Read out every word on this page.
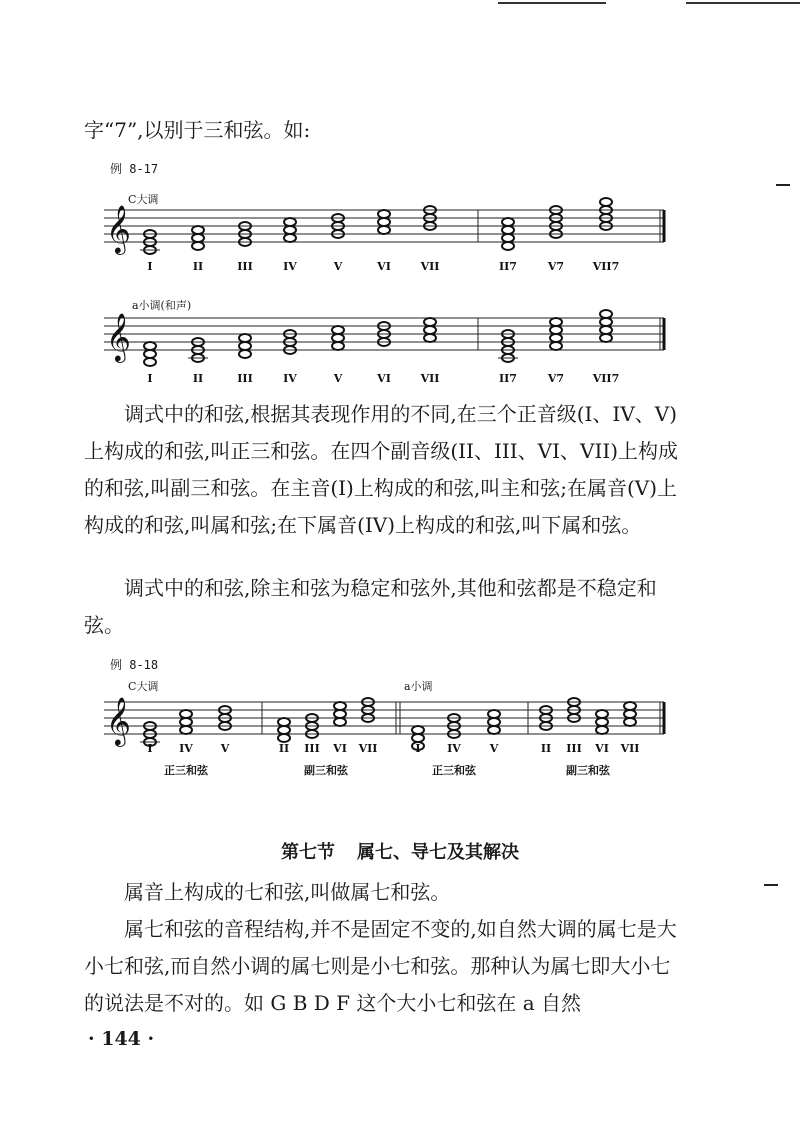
字“7”,以别于三和弦。如:

例 8-17
C大调
𝄞
I	II	III	IV	V	VI	VII	II7	V7	VII7
𝄞
I	II	III	IV	V	VI	VII	II7	V7	VII7
𝄞
I IV	V	II III VI VII	I IV	V	II III VI VII
正三和弦	副三和弦	正三和弦	副三和弦
a小调(和声)

调式中的和弦,根据其表现作用的不同,在三个正音级(I、IV、V)上构成的和弦,叫正三和弦。在四个副音级(II、III、VI、VII)上构成的和弦,叫副三和弦。在主音(I)上构成的和弦,叫主和弦;在属音(V)上构成的和弦,叫属和弦;在下属音(IV)上构成的和弦,叫下属和弦。

调式中的和弦,除主和弦为稳定和弦外,其他和弦都是不稳定和弦。

例 8-18
C大调	a小调
第七节 属七、导七及其解决

属音上构成的七和弦,叫做属七和弦。

属七和弦的音程结构,并不是固定不变的,如自然大调的属七是大小七和弦,而自然小调的属七则是小七和弦。那种认为属七即大小七的说法是不对的。如 G B D F 这个大小七和弦在 a 自然

· 144 ·
